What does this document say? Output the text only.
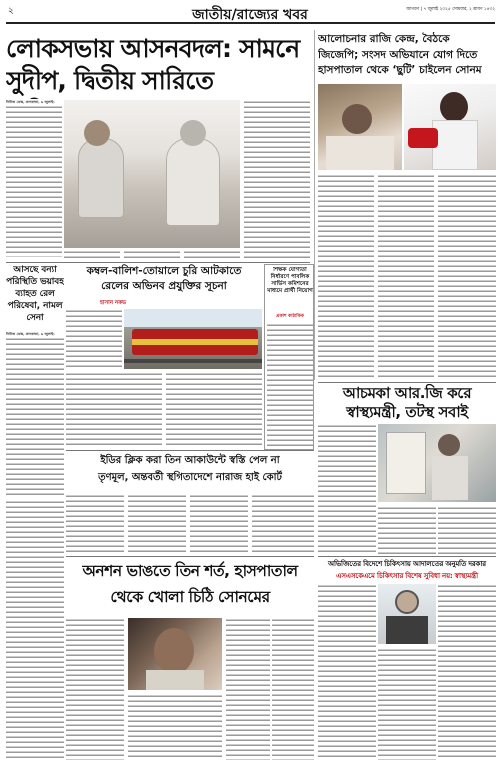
২	জাতীয়/রাজ্যের খবর	জাগরণ | ৭ জুলাই ২০২৫ সোমবার, ২ শ্রাবণ ১৪৩২
লোকসভায় আসনবদল: সামনে
সুদীপ, দ্বিতীয় সারিতে

নিউজ ডেস্ক, কলকাতা, ৬ জুলাই:

আলোচনার রাজি কেন্দ্র, বৈঠকে
জিজেপি; সংসদ অভিযানে যোগ দিতে
হাসপাতাল থেকে ‘ছুটি’ চাইলেন সোনম
আসছে বন্যা পরিস্থিতি ভয়াবহ ব্যাহত রেল পরিষেবা, নামল সেনা

নিউজ ডেস্ক, কলকাতা, ৬ জুলাই:

কম্বল-বালিশ-তোয়ালে চুরি আটকাতে
রেলের অভিনব প্রযুক্তির সূচনা
হাসান নকভ
শিক্ষক যোগ্যতা নির্ধারণে পাবলিক সার্ভিস কমিশনের মাধ্যমে প্রার্থী নিয়োগ
প্রকাশ কাঠাকিক
আচমকা আর.জি করে
স্বাস্থ্যমন্ত্রী, তটস্থ সবাই
ইডির ক্লিক করা তিন আকাউন্টে স্বস্তি পেল না
তৃণমূল, অন্তবর্তী স্থগিতাদেশে নারাজ হাই কোর্ট
অভিজিতের বিদেশে চিকিৎসায় আদালতের অনুমতি দরকার
এসএসকেএমে চিকিৎসার বিশেষ সুবিধা নয়: স্বাস্থ্যমন্ত্রী
অনশন ভাঙতে তিন শর্ত, হাসপাতাল
থেকে খোলা চিঠি সোনমের
